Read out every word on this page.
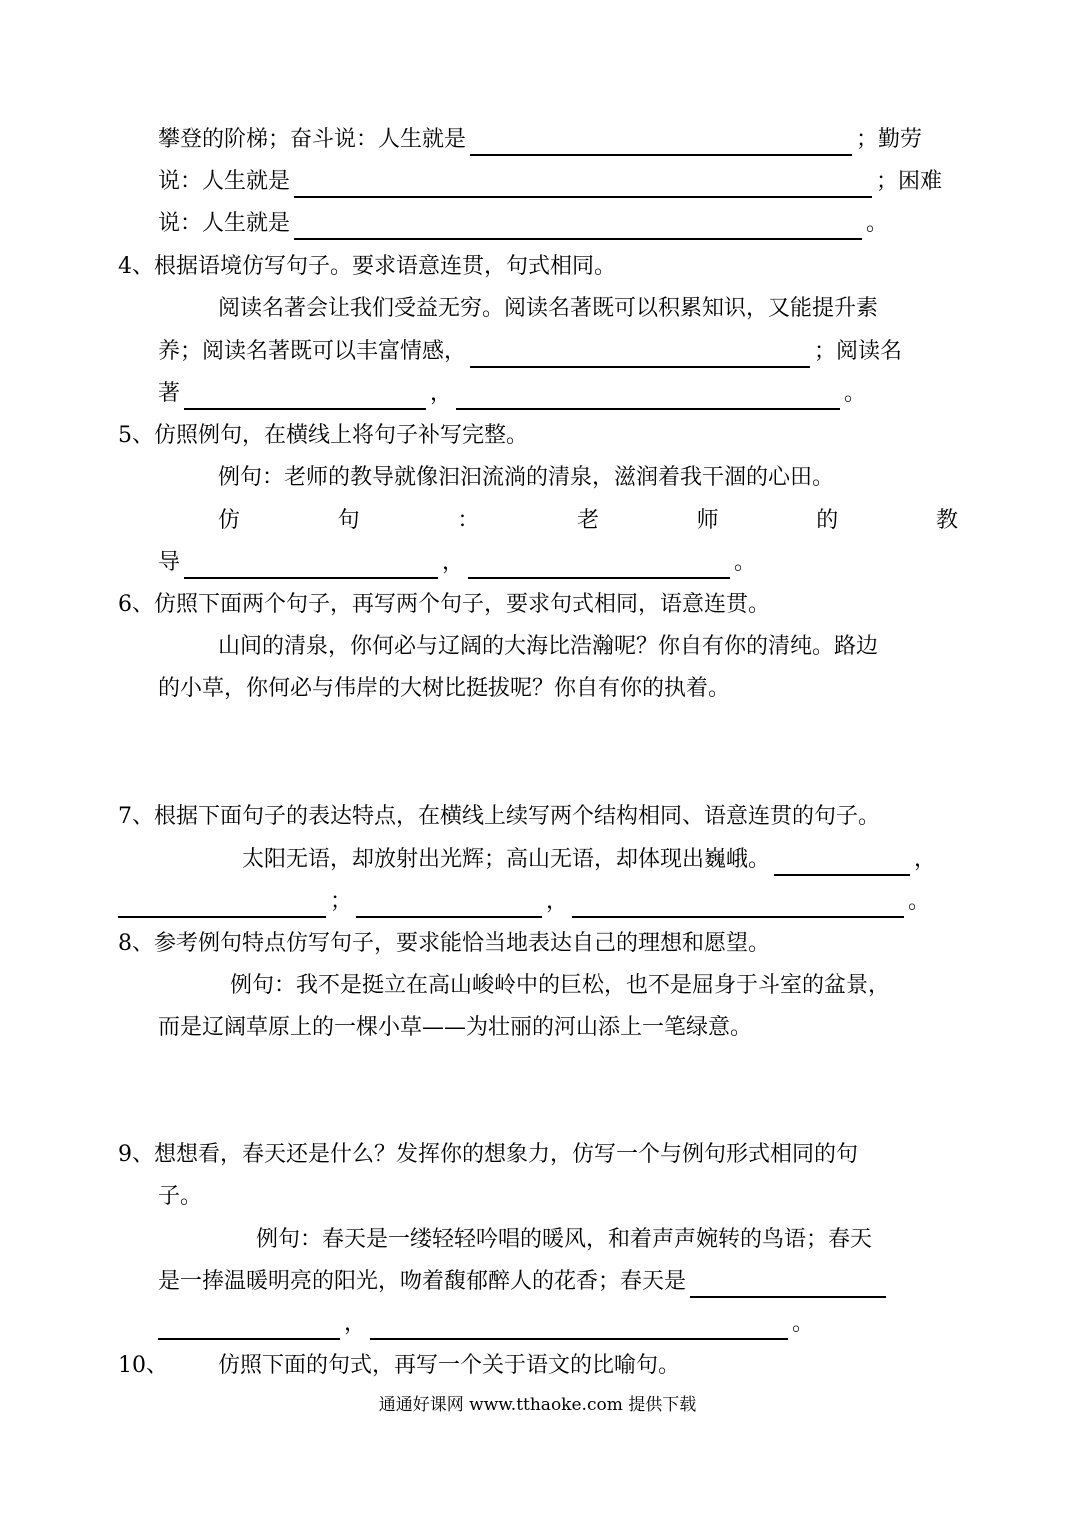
攀登的阶梯；奋斗说：人生就是	；勤劳
说：人生就是	；困难
说：人生就是	。
4、根据语境仿写句子。要求语意连贯，句式相同。
阅读名著会让我们受益无穷。阅读名著既可以积累知识，又能提升素
养；阅读名著既可以丰富情感，	；阅读名
著	，	。
5、仿照例句，在横线上将句子补写完整。
例句：老师的教导就像汩汩流淌的清泉，滋润着我干涸的心田。
仿	句	：	老	师	的	教
导	，	。
6、仿照下面两个句子，再写两个句子，要求句式相同，语意连贯。
山间的清泉，你何必与辽阔的大海比浩瀚呢？你自有你的清纯。路边
的小草，你何必与伟岸的大树比挺拔呢？你自有你的执着。
7、根据下面句子的表达特点，在横线上续写两个结构相同、语意连贯的句子。
太阳无语，却放射出光辉；高山无语，却体现出巍峨。	，
；	，	。
8、参考例句特点仿写句子，要求能恰当地表达自己的理想和愿望。
例句：我不是挺立在高山峻岭中的巨松，也不是屈身于斗室的盆景，
而是辽阔草原上的一棵小草——为壮丽的河山添上一笔绿意。
9、想想看，春天还是什么？发挥你的想象力，仿写一个与例句形式相同的句
子。
例句：春天是一缕轻轻吟唱的暖风，和着声声婉转的鸟语；春天
是一捧温暖明亮的阳光，吻着馥郁醉人的花香；春天是
，	。
10、 仿照下面的句式，再写一个关于语文的比喻句。
通通好课网 www.tthaoke.com 提供下载
